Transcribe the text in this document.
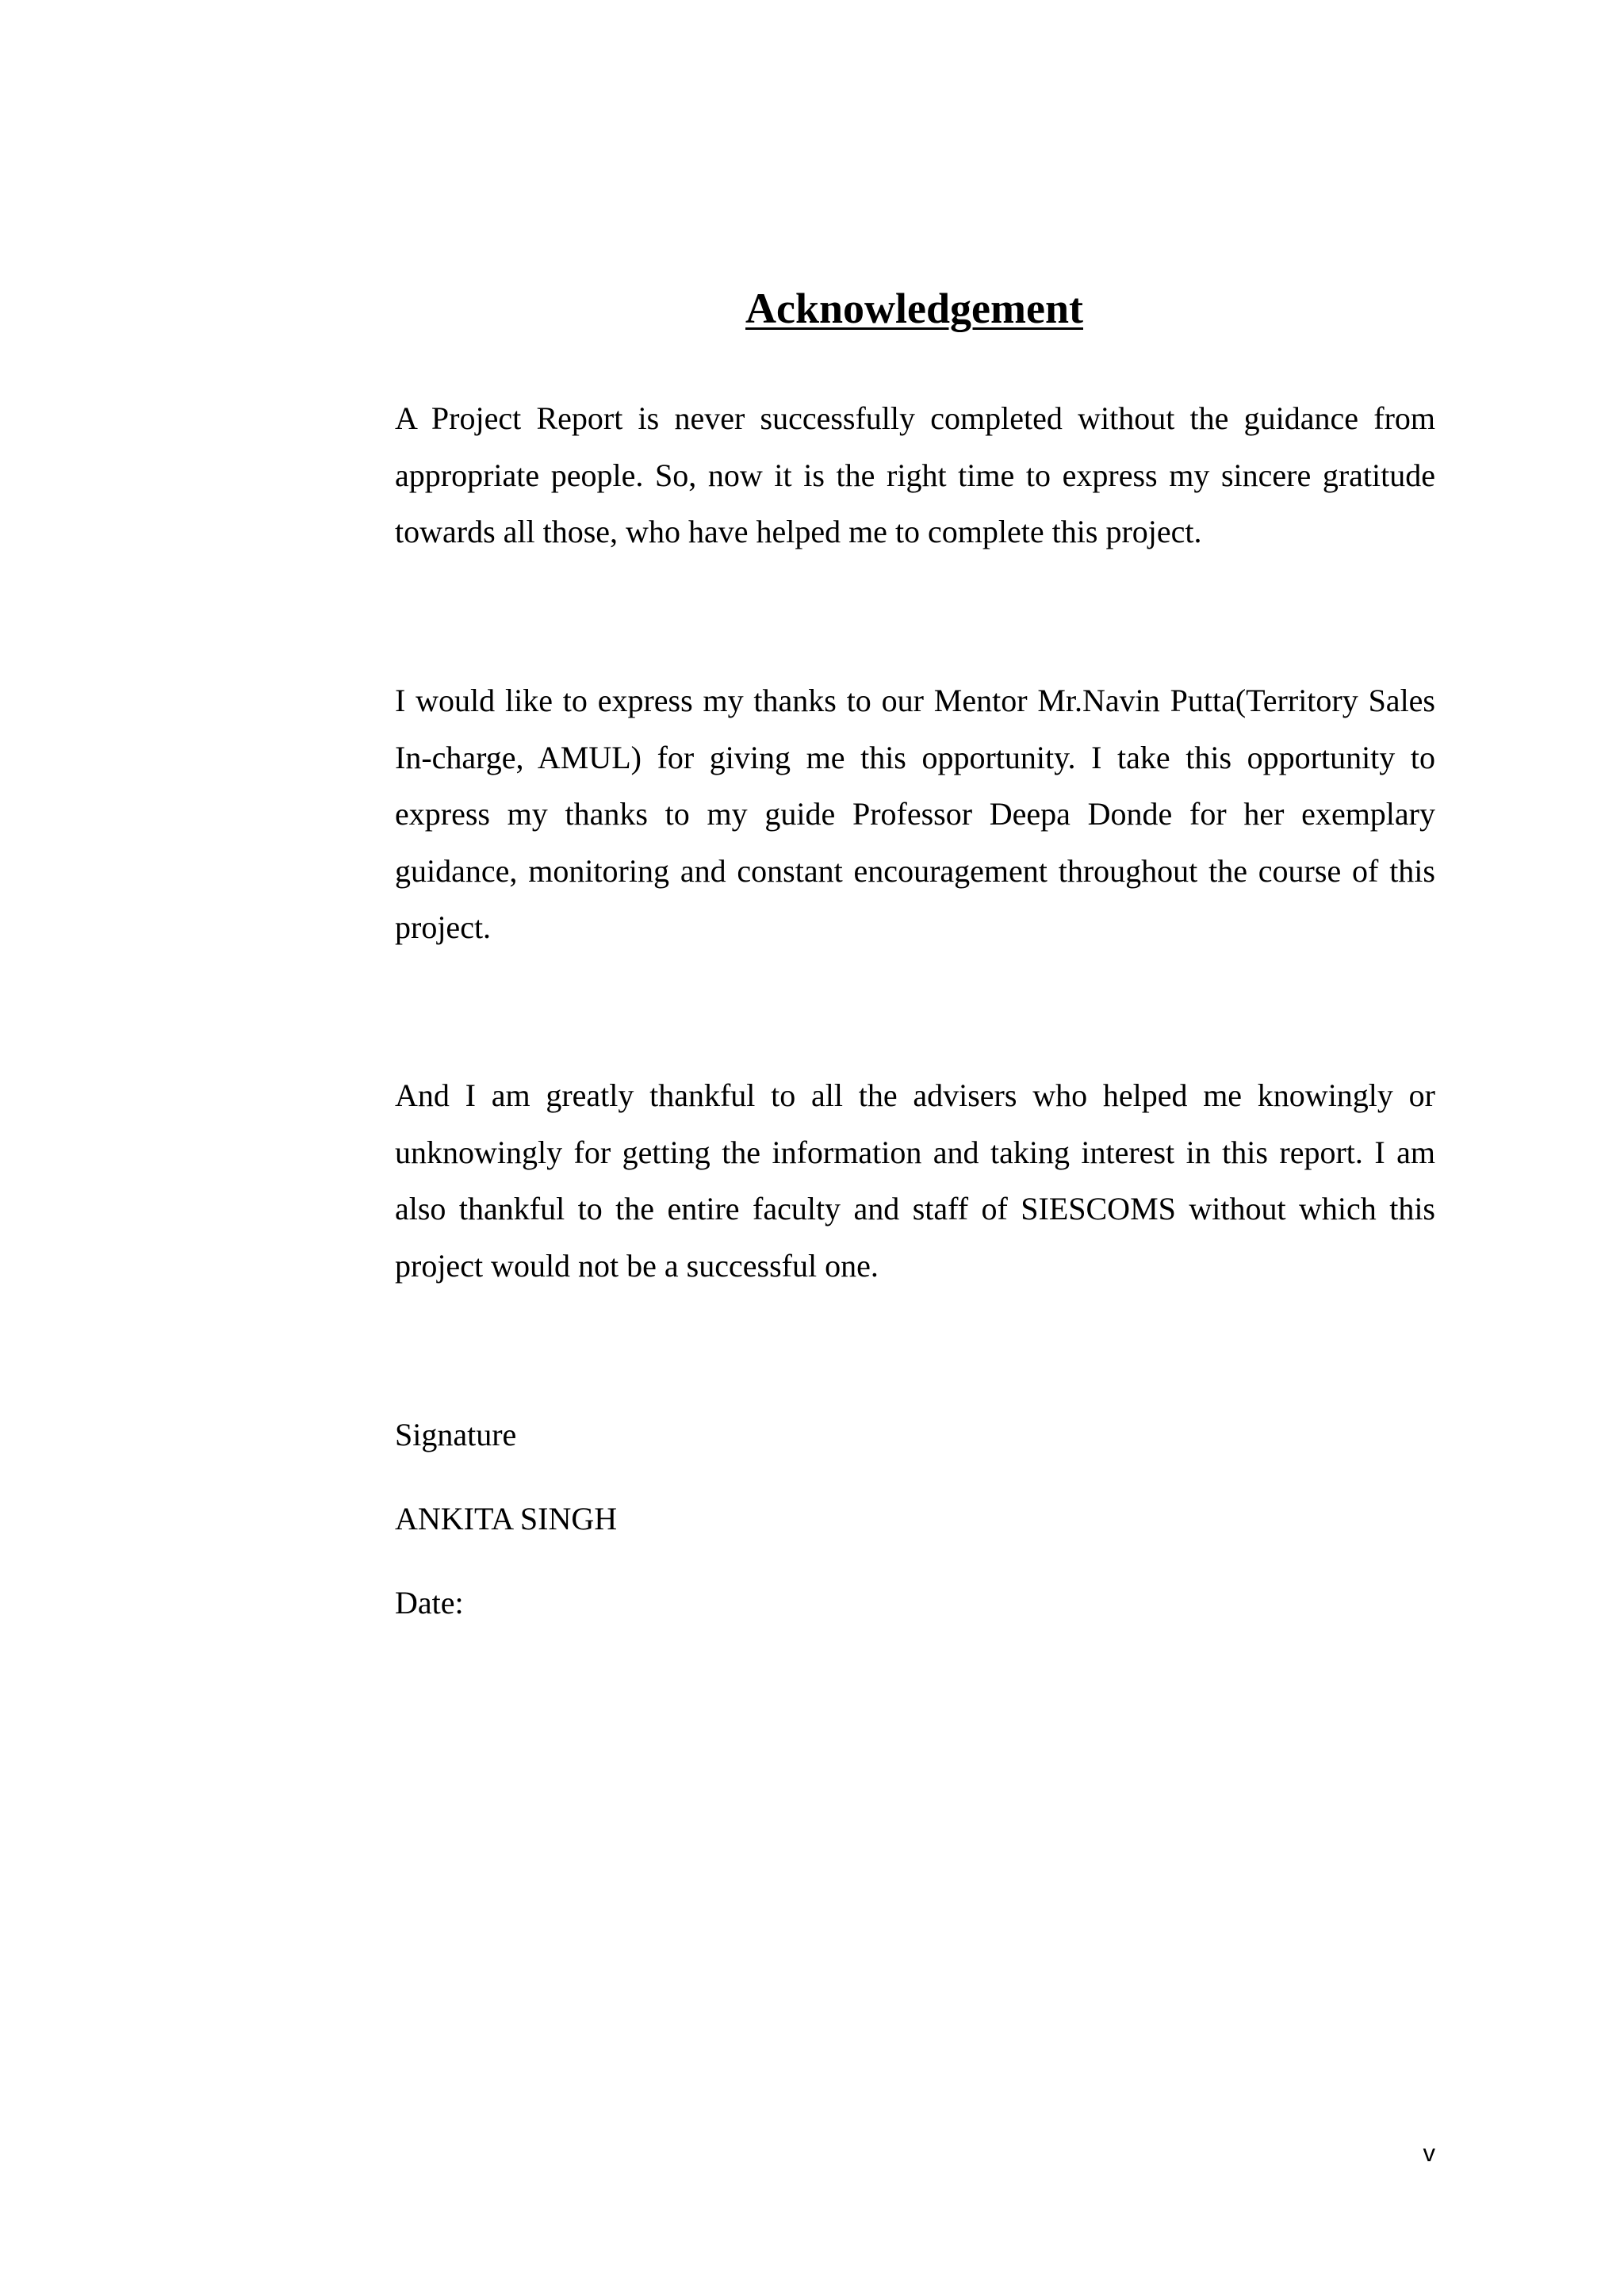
Acknowledgement

A Project Report is never successfully completed without the guidance from appropriate people. So, now it is the right time to express my sincere gratitude towards all those, who have helped me to complete this project.

I would like to express my thanks to our Mentor Mr.Navin Putta(Territory Sales In-charge, AMUL) for giving me this opportunity. I take this opportunity to express my thanks to my guide Professor Deepa Donde for her exemplary guidance, monitoring and constant encouragement throughout the course of this project.

And I am greatly thankful to all the advisers who helped me knowingly or unknowingly for getting the information and taking interest in this report. I am also thankful to the entire faculty and staff of SIESCOMS without which this project would not be a successful one.

Signature

ANKITA SINGH

Date:

v
